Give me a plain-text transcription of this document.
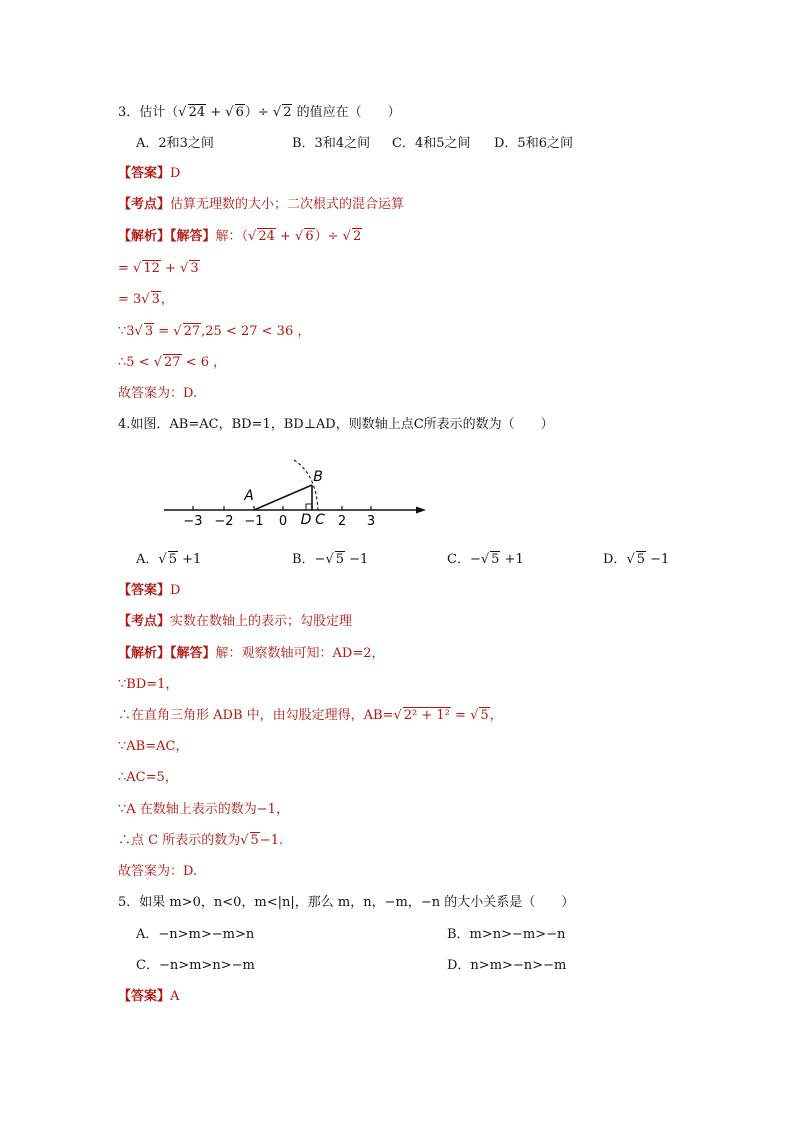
3．估计（√ 24 + √ 6）÷ √ 2 的值应在（　　）
A．2和3之间	B．3和4之间 C．4和5之间 D．5和6之间
【答案】D
【考点】估算无理数的大小；二次根式的混合运算
【解析】【解答】解：（√ 24 + √ 6）÷ √ 2
= √ 12 + √ 3
= 3√ 3，
∵3√ 3 = √ 27,25 < 27 < 36 ，
∴5 < √ 27 < 6 ，
故答案为：D.
4.如图．AB=AC，BD=1，BD⊥AD，则数轴上点C所表示的数为（　　）
−3 −2 −1 0	2 3
A
B
D C
A．√ 5 +1	B．−√ 5 −1	C．−√ 5 +1	D．√ 5 −1
【答案】D
【考点】实数在数轴上的表示；勾股定理
【解析】【解答】解：观察数轴可知：AD=2，
∵BD=1，
∴在直角三角形 ADB 中，由勾股定理得，AB=√ 2² + 1² = √ 5，
∵AB=AC，
∴AC=5，
∵A 在数轴上表示的数为−1，
∴点 C 所表示的数为√ 5−1.
故答案为：D.
5．如果 m>0，n<0，m<|n|，那么 m，n，−m，−n 的大小关系是（　　）
A．−n>m>−m>n	B．m>n>−m>−n
C．−n>m>n>−m	D．n>m>−n>−m
【答案】A
